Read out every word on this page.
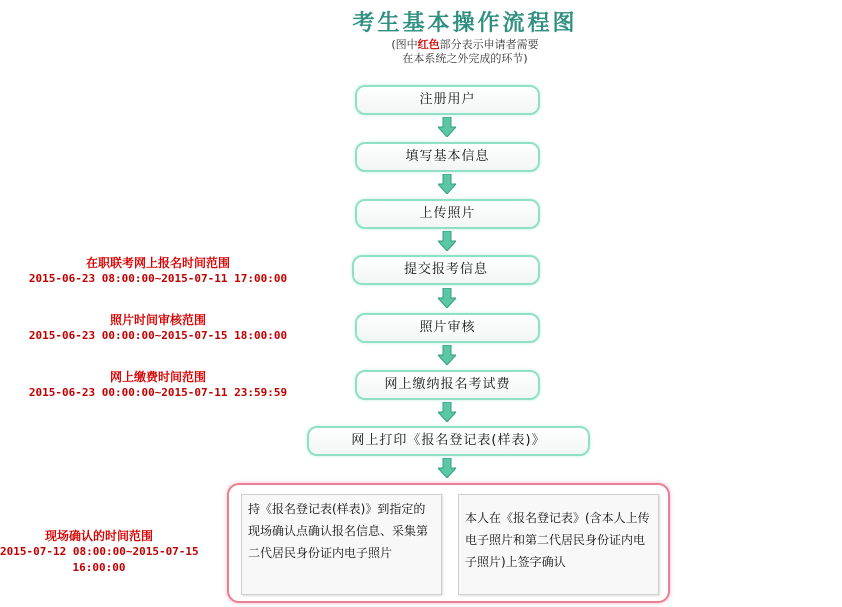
考生基本操作流程图
(图中红色部分表示申请者需要
在本系统之外完成的环节)
注册用户
填写基本信息
上传照片
提交报考信息
照片审核
网上缴纳报名考试费
网上打印《报名登记表(样表)》
在职联考网上报名时间范围
2015-06-23 08:00:00~2015-07-11 17:00:00
照片时间审核范围
2015-06-23 00:00:00~2015-07-15 18:00:00
网上缴费时间范围
2015-06-23 00:00:00~2015-07-11 23:59:59
现场确认的时间范围
2015-07-12 08:00:00~2015-07-15
16:00:00
持《报名登记表(样表)》到指定的现场确认点确认报名信息、采集第二代居民身份证内电子照片
本人在《报名登记表》(含本人上传电子照片和第二代居民身份证内电子照片)上签字确认
